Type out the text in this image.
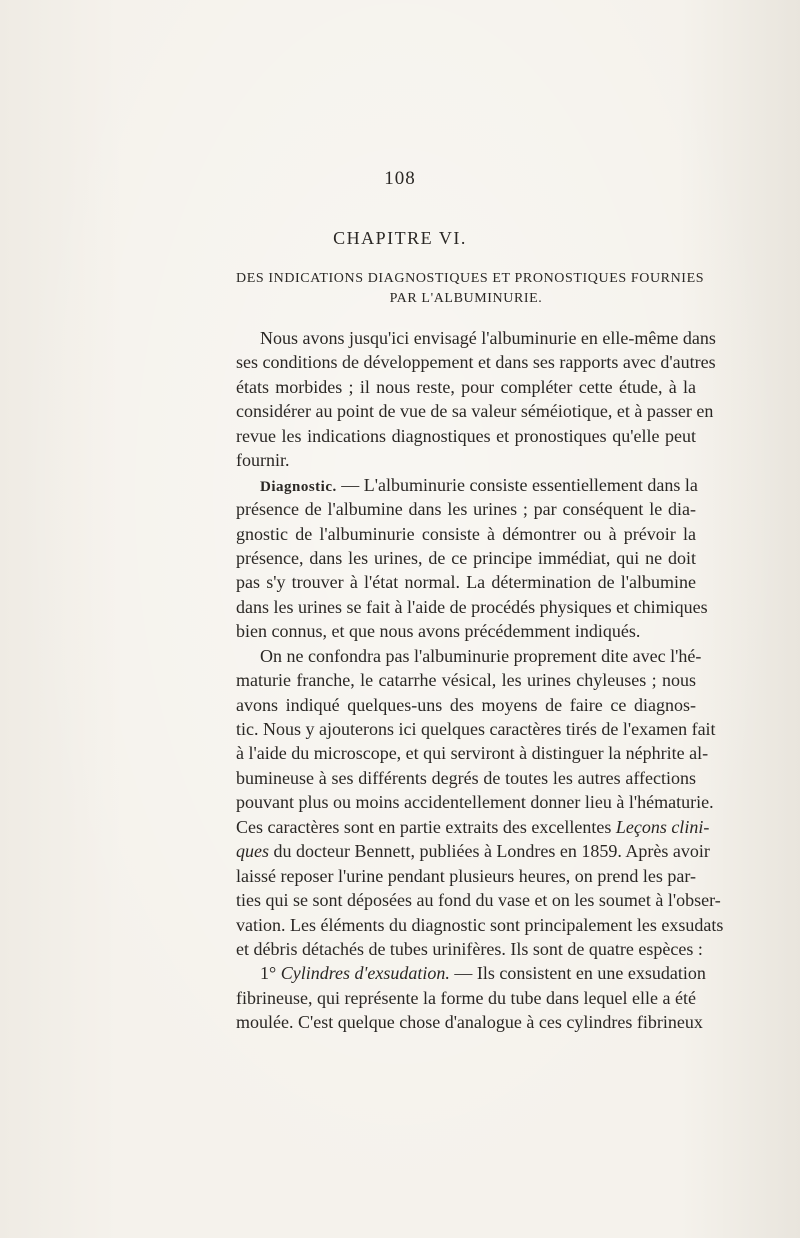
108
CHAPITRE VI.
DES INDICATIONS DIAGNOSTIQUES ET PRONOSTIQUES FOURNIES
PAR L'ALBUMINURIE.
Nous avons jusqu'ici envisagé l'albuminurie en elle-même dans
ses conditions de développement et dans ses rapports avec d'autres
états morbides ; il nous reste, pour compléter cette étude, à la
considérer au point de vue de sa valeur séméiotique, et à passer en
revue les indications diagnostiques et pronostiques qu'elle peut
fournir.
Diagnostic. — L'albuminurie consiste essentiellement dans la
présence de l'albumine dans les urines ; par conséquent le dia-
gnostic de l'albuminurie consiste à démontrer ou à prévoir la
présence, dans les urines, de ce principe immédiat, qui ne doit
pas s'y trouver à l'état normal. La détermination de l'albumine
dans les urines se fait à l'aide de procédés physiques et chimiques
bien connus, et que nous avons précédemment indiqués.
On ne confondra pas l'albuminurie proprement dite avec l'hé-
maturie franche, le catarrhe vésical, les urines chyleuses ; nous
avons indiqué quelques-uns des moyens de faire ce diagnos-
tic. Nous y ajouterons ici quelques caractères tirés de l'examen fait
à l'aide du microscope, et qui serviront à distinguer la néphrite al-
bumineuse à ses différents degrés de toutes les autres affections
pouvant plus ou moins accidentellement donner lieu à l'hématurie.
Ces caractères sont en partie extraits des excellentes Leçons clini-
ques du docteur Bennett, publiées à Londres en 1859. Après avoir
laissé reposer l'urine pendant plusieurs heures, on prend les par-
ties qui se sont déposées au fond du vase et on les soumet à l'obser-
vation. Les éléments du diagnostic sont principalement les exsudats
et débris détachés de tubes urinifères. Ils sont de quatre espèces :
1° Cylindres d'exsudation. — Ils consistent en une exsudation
fibrineuse, qui représente la forme du tube dans lequel elle a été
moulée. C'est quelque chose d'analogue à ces cylindres fibrineux
